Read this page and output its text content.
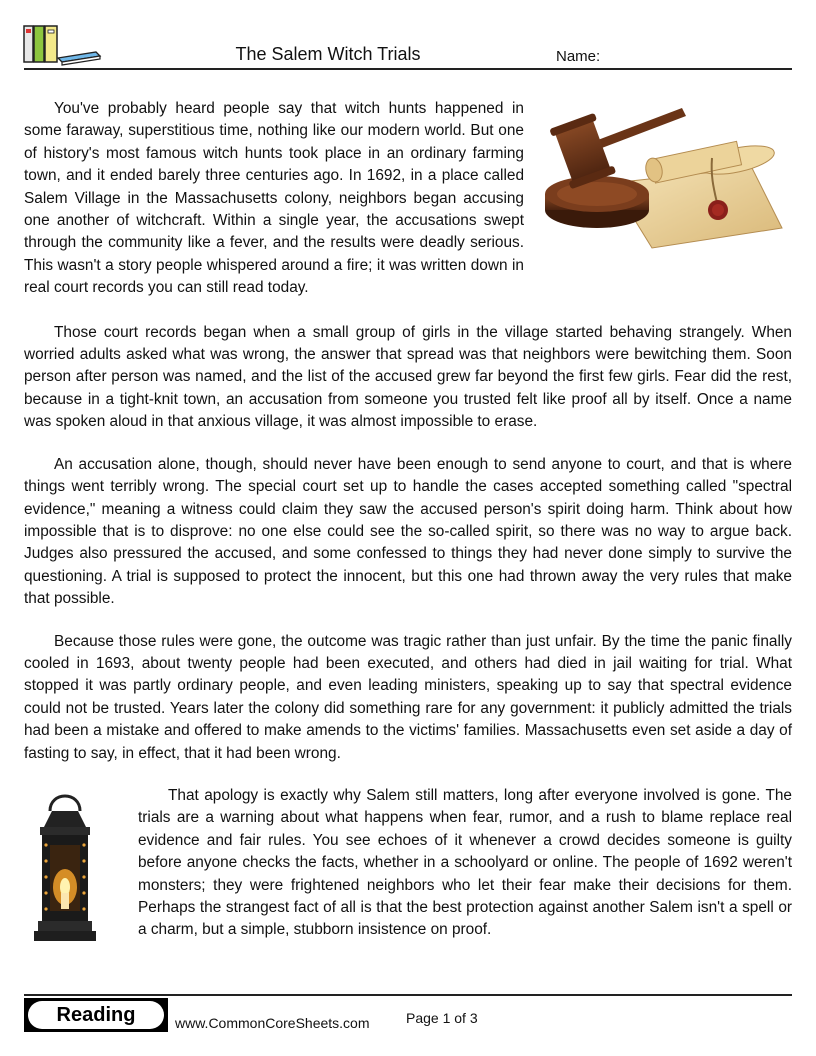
The Salem Witch Trials	Name:

You've probably heard people say that witch hunts happened in some faraway, superstitious time, nothing like our modern world. But one of history's most famous witch hunts took place in an ordinary farming town, and it ended barely three centuries ago. In 1692, in a place called Salem Village in the Massachusetts colony, neighbors began accusing one another of witchcraft. Within a single year, the accusations swept through the community like a fever, and the results were deadly serious. This wasn't a story people whispered around a fire; it was written down in real court records you can still read today.

Those court records began when a small group of girls in the village started behaving strangely. When worried adults asked what was wrong, the answer that spread was that neighbors were bewitching them. Soon person after person was named, and the list of the accused grew far beyond the first few girls. Fear did the rest, because in a tight-knit town, an accusation from someone you trusted felt like proof all by itself. Once a name was spoken aloud in that anxious village, it was almost impossible to erase.

An accusation alone, though, should never have been enough to send anyone to court, and that is where things went terribly wrong. The special court set up to handle the cases accepted something called "spectral evidence," meaning a witness could claim they saw the accused person's spirit doing harm. Think about how impossible that is to disprove: no one else could see the so-called spirit, so there was no way to argue back. Judges also pressured the accused, and some confessed to things they had never done simply to survive the questioning. A trial is supposed to protect the innocent, but this one had thrown away the very rules that make that possible.

Because those rules were gone, the outcome was tragic rather than just unfair. By the time the panic finally cooled in 1693, about twenty people had been executed, and others had died in jail waiting for trial. What stopped it was partly ordinary people, and even leading ministers, speaking up to say that spectral evidence could not be trusted. Years later the colony did something rare for any government: it publicly admitted the trials had been a mistake and offered to make amends to the victims' families. Massachusetts even set aside a day of fasting to say, in effect, that it had been wrong.

That apology is exactly why Salem still matters, long after everyone involved is gone. The trials are a warning about what happens when fear, rumor, and a rush to blame replace real evidence and fair rules. You see echoes of it whenever a crowd decides someone is guilty before anyone checks the facts, whether in a schoolyard or online. The people of 1692 weren't monsters; they were frightened neighbors who let their fear make their decisions for them. Perhaps the strangest fact of all is that the best protection against another Salem isn't a spell or a charm, but a simple, stubborn insistence on proof.

Reading	www.CommonCoreSheets.com	Page 1 of 3
